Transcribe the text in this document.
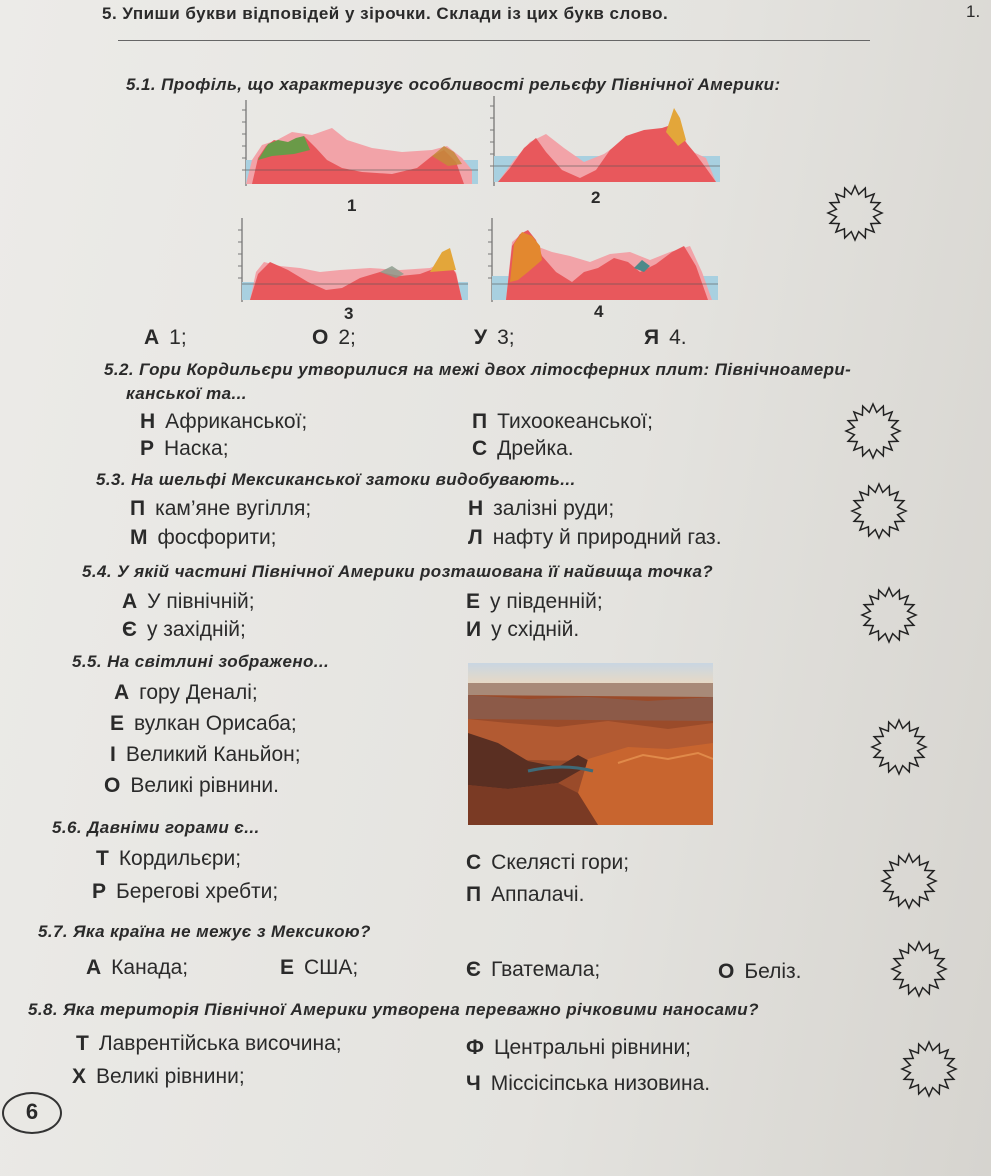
5. Упиши букви відповідей у зірочки. Склади із цих букв слово.	1.
5.1. Профіль, що характеризує особливості рельєфу Північної Америки:
1	2
3	4
А 1;	О 2;	У 3;	Я 4.
5.2. Гори Кордильєри утворилися на межі двох літосферних плит: Північноамери-
канської та...
Н Африканської;	П Тихоокеанської;
Р Наска;	С Дрейка.
5.3. На шельфі Мексиканської затоки видобувають...
П кам’яне вугілля;	Н залізні руди;
М фосфорити;	Л нафту й природний газ.
5.4. У якій частині Північної Америки розташована її найвища точка?
А У північній;	Е у південній;
Є у західній;	И у східній.
5.5. На світлині зображено...
А гору Деналі;
Е вулкан Орисаба;
І Великий Каньйон;
О Великі рівнини.
5.6. Давніми горами є...
Т Кордильєри;	С Скелясті гори;
Р Берегові хребти;	П Аппалачі.
5.7. Яка країна не межує з Мексикою?
А Канада;	Е США;	Є Гватемала;	О Беліз.
5.8. Яка територія Північної Америки утворена переважно річковими наносами?
Т Лаврентійська височина;	Ф Центральні рівнини;
Х Великі рівнини;	Ч Міссісіпська низовина.
6
